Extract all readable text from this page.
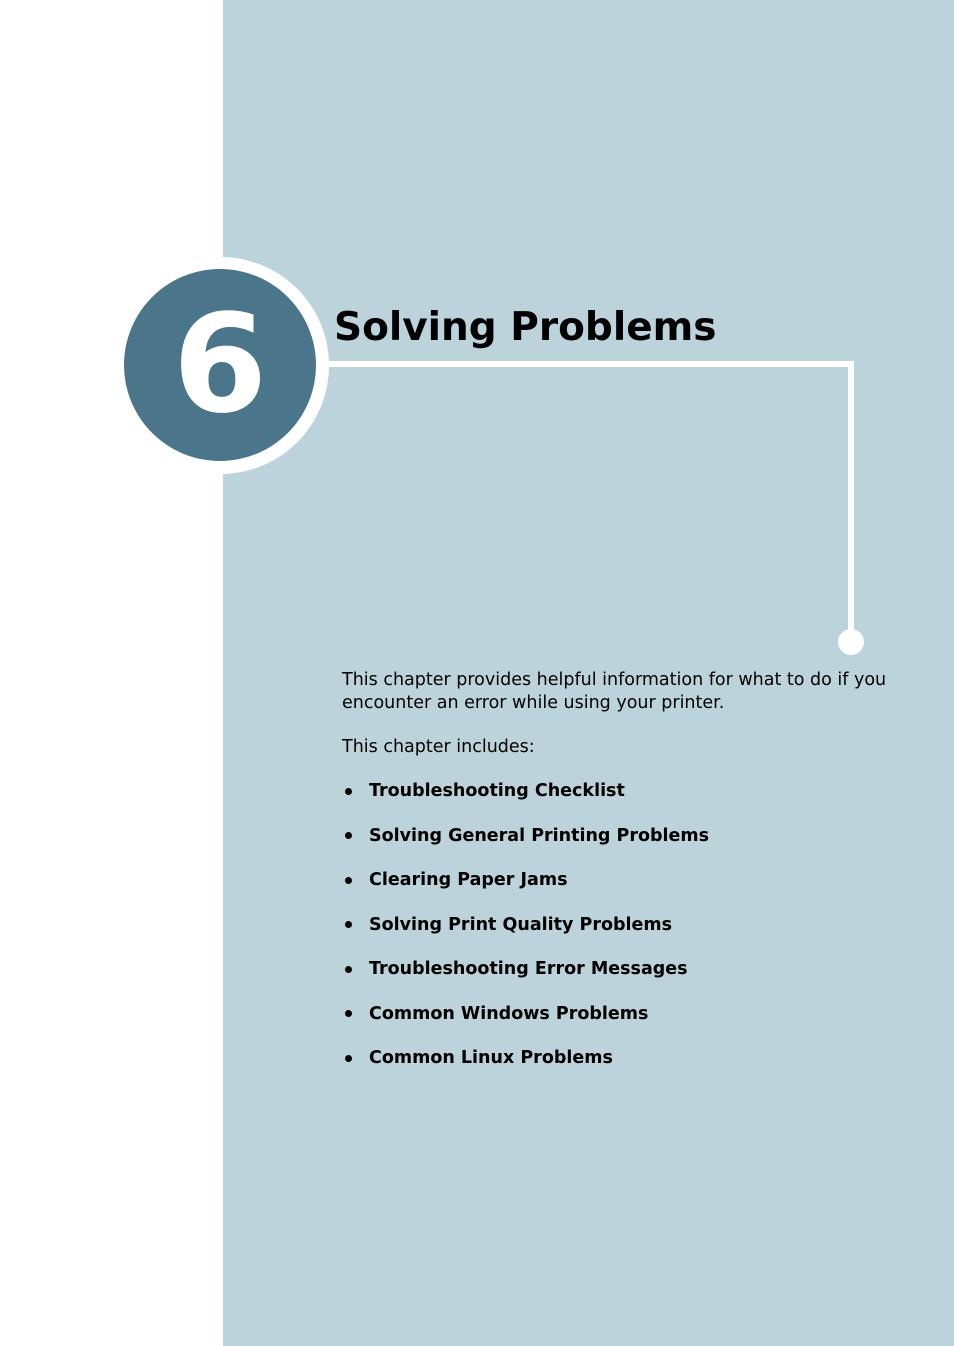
6	Solving Problems

This chapter provides helpful information for what to do if you encounter an error while using your printer.

This chapter includes:

Troubleshooting Checklist
Solving General Printing Problems
Clearing Paper Jams
Solving Print Quality Problems
Troubleshooting Error Messages
Common Windows Problems
Common Linux Problems
